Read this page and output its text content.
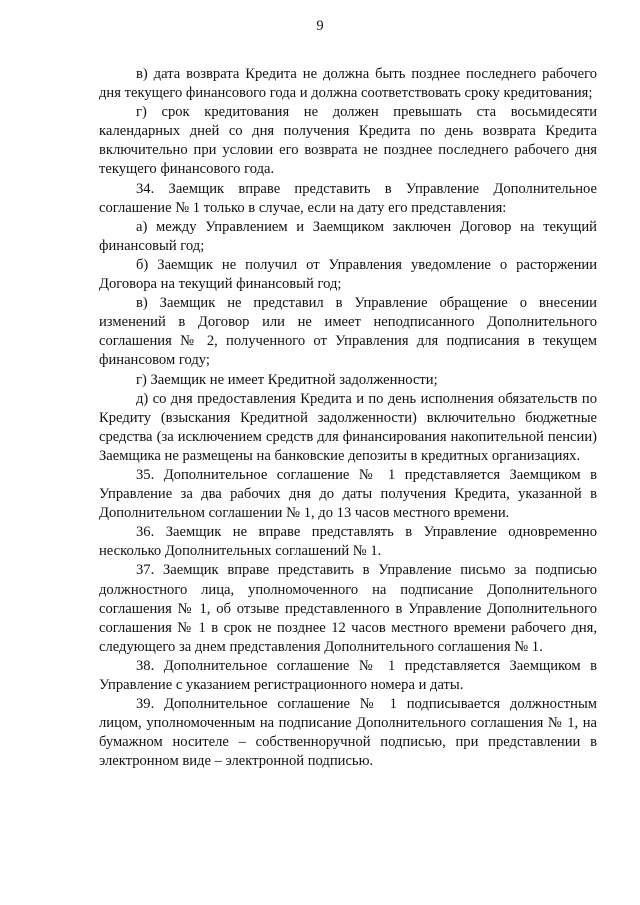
9

в) дата возврата Кредита не должна быть позднее последнего рабочего дня текущего финансового года и должна соответствовать сроку кредитования;

г) срок кредитования не должен превышать ста восьмидесяти календарных дней со дня получения Кредита по день возврата Кредита включительно при условии его возврата не позднее последнего рабочего дня текущего финансового года.

34. Заемщик вправе представить в Управление Дополнительное соглашение № 1 только в случае, если на дату его представления:

а) между Управлением и Заемщиком заключен Договор на текущий финансовый год;

б) Заемщик не получил от Управления уведомление о расторжении Договора на текущий финансовый год;

в) Заемщик не представил в Управление обращение о внесении изменений в Договор или не имеет неподписанного Дополнительного соглашения № 2, полученного от Управления для подписания в текущем финансовом году;

г) Заемщик не имеет Кредитной задолженности;

д) со дня предоставления Кредита и по день исполнения обязательств по Кредиту (взыскания Кредитной задолженности) включительно бюджетные средства (за исключением средств для финансирования накопительной пенсии) Заемщика не размещены на банковские депозиты в кредитных организациях.

35. Дополнительное соглашение № 1 представляется Заемщиком в Управление за два рабочих дня до даты получения Кредита, указанной в Дополнительном соглашении № 1, до 13 часов местного времени.

36. Заемщик не вправе представлять в Управление одновременно несколько Дополнительных соглашений № 1.

37. Заемщик вправе представить в Управление письмо за подписью должностного лица, уполномоченного на подписание Дополнительного соглашения № 1, об отзыве представленного в Управление Дополнительного соглашения № 1 в срок не позднее 12 часов местного времени рабочего дня, следующего за днем представления Дополнительного соглашения № 1.

38. Дополнительное соглашение № 1 представляется Заемщиком в Управление с указанием регистрационного номера и даты.

39. Дополнительное соглашение № 1 подписывается должностным лицом, уполномоченным на подписание Дополнительного соглашения № 1, на бумажном носителе – собственноручной подписью, при представлении в электронном виде – электронной подписью.
